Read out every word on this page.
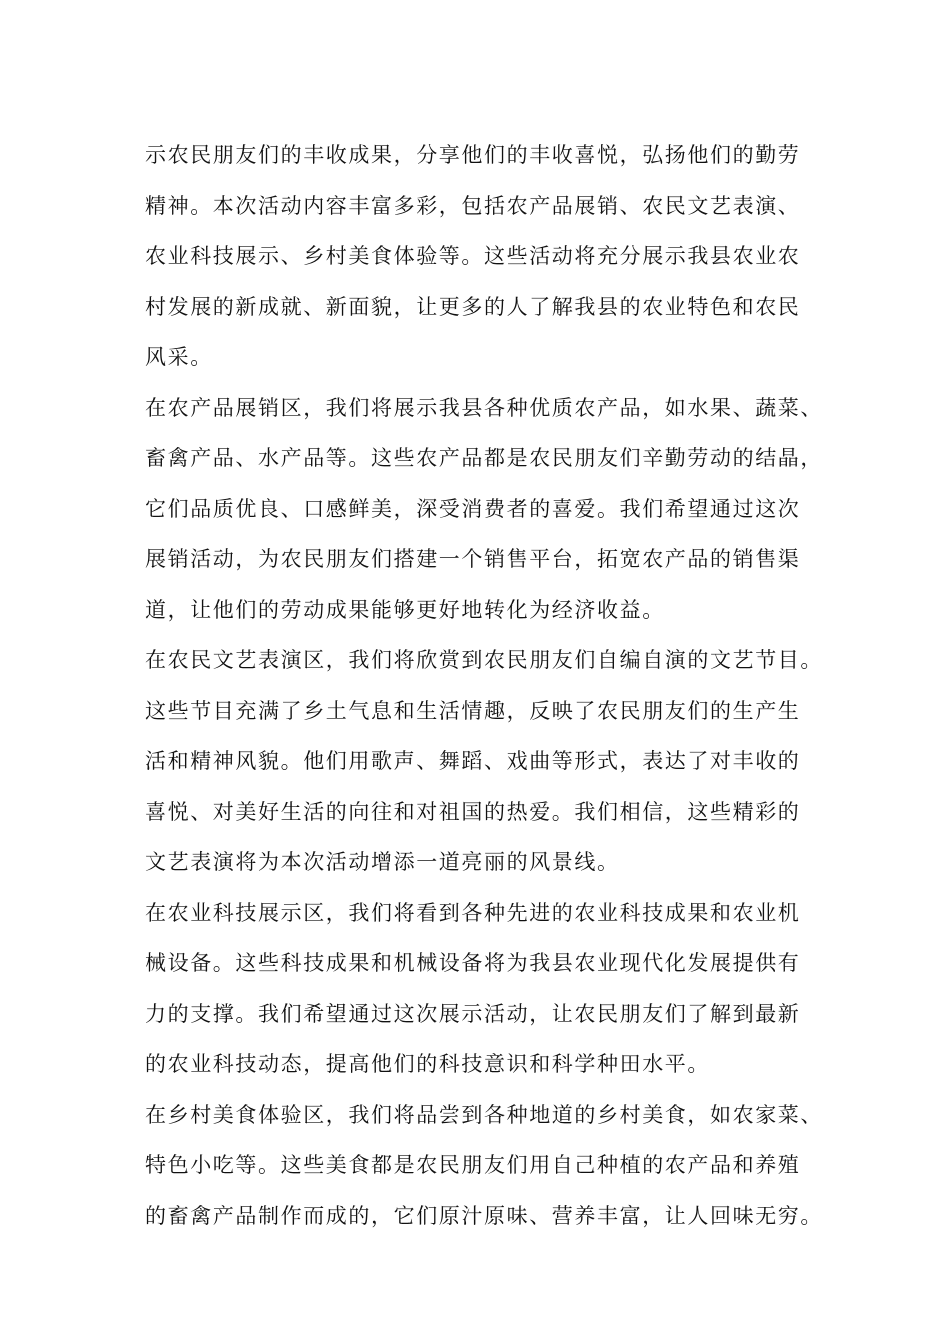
示农民朋友们的丰收成果，分享他们的丰收喜悦，弘扬他们的勤劳
精神。本次活动内容丰富多彩，包括农产品展销、农民文艺表演、
农业科技展示、乡村美食体验等。这些活动将充分展示我县农业农
村发展的新成就、新面貌，让更多的人了解我县的农业特色和农民
风采。
在农产品展销区，我们将展示我县各种优质农产品，如水果、蔬菜、
畜禽产品、水产品等。这些农产品都是农民朋友们辛勤劳动的结晶，
它们品质优良、口感鲜美，深受消费者的喜爱。我们希望通过这次
展销活动，为农民朋友们搭建一个销售平台，拓宽农产品的销售渠
道，让他们的劳动成果能够更好地转化为经济收益。
在农民文艺表演区，我们将欣赏到农民朋友们自编自演的文艺节目。
这些节目充满了乡土气息和生活情趣，反映了农民朋友们的生产生
活和精神风貌。他们用歌声、舞蹈、戏曲等形式，表达了对丰收的
喜悦、对美好生活的向往和对祖国的热爱。我们相信，这些精彩的
文艺表演将为本次活动增添一道亮丽的风景线。
在农业科技展示区，我们将看到各种先进的农业科技成果和农业机
械设备。这些科技成果和机械设备将为我县农业现代化发展提供有
力的支撑。我们希望通过这次展示活动，让农民朋友们了解到最新
的农业科技动态，提高他们的科技意识和科学种田水平。
在乡村美食体验区，我们将品尝到各种地道的乡村美食，如农家菜、
特色小吃等。这些美食都是农民朋友们用自己种植的农产品和养殖
的畜禽产品制作而成的，它们原汁原味、营养丰富，让人回味无穷。
